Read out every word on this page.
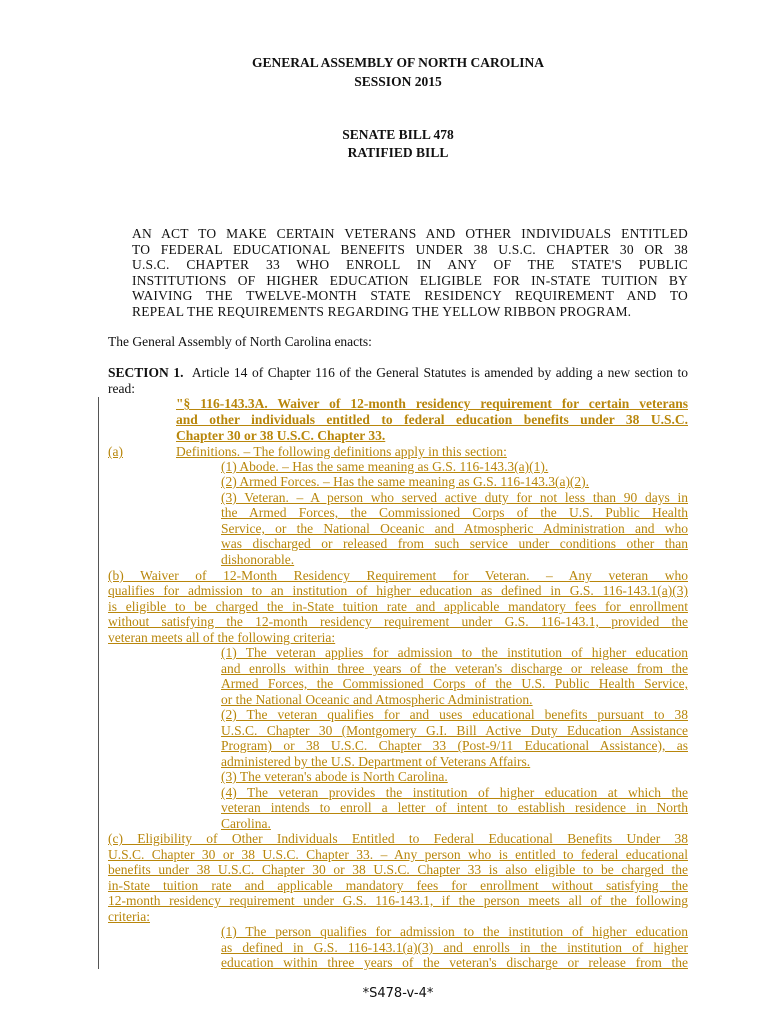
GENERAL ASSEMBLY OF NORTH CAROLINA
SESSION 2015
SENATE BILL 478
RATIFIED BILL
AN ACT TO MAKE CERTAIN VETERANS AND OTHER INDIVIDUALS ENTITLED
TO FEDERAL EDUCATIONAL BENEFITS UNDER 38 U.S.C. CHAPTER 30 OR 38
U.S.C. CHAPTER 33 WHO ENROLL IN ANY OF THE STATE'S PUBLIC
INSTITUTIONS OF HIGHER EDUCATION ELIGIBLE FOR IN-STATE TUITION BY
WAIVING THE TWELVE-MONTH STATE RESIDENCY REQUIREMENT AND TO
REPEAL THE REQUIREMENTS REGARDING THE YELLOW RIBBON PROGRAM.
The General Assembly of North Carolina enacts:
SECTION 1. Article 14 of Chapter 116 of the General Statutes is amended by adding a new section to read:
"§ 116-143.3A. Waiver of 12-month residency requirement for certain veterans
and other individuals entitled to federal education benefits under 38 U.S.C.
Chapter 30 or 38 U.S.C. Chapter 33.
(a)	Definitions. – The following definitions apply in this section:
(1) Abode. – Has the same meaning as G.S. 116-143.3(a)(1).
(2) Armed Forces. – Has the same meaning as G.S. 116-143.3(a)(2).
(3) Veteran. – A person who served active duty for not less than 90 days in
the Armed Forces, the Commissioned Corps of the U.S. Public Health
Service, or the National Oceanic and Atmospheric Administration and who
was discharged or released from such service under conditions other than
dishonorable.
(b) Waiver of 12-Month Residency Requirement for Veteran. – Any veteran who
qualifies for admission to an institution of higher education as defined in G.S. 116-143.1(a)(3)
is eligible to be charged the in-State tuition rate and applicable mandatory fees for enrollment
without satisfying the 12-month residency requirement under G.S. 116-143.1, provided the
veteran meets all of the following criteria:
(1) The veteran applies for admission to the institution of higher education
and enrolls within three years of the veteran's discharge or release from the
Armed Forces, the Commissioned Corps of the U.S. Public Health Service,
or the National Oceanic and Atmospheric Administration.
(2) The veteran qualifies for and uses educational benefits pursuant to 38
U.S.C. Chapter 30 (Montgomery G.I. Bill Active Duty Education Assistance
Program) or 38 U.S.C. Chapter 33 (Post-9/11 Educational Assistance), as
administered by the U.S. Department of Veterans Affairs.
(3) The veteran's abode is North Carolina.
(4) The veteran provides the institution of higher education at which the
veteran intends to enroll a letter of intent to establish residence in North
Carolina.
(c) Eligibility of Other Individuals Entitled to Federal Educational Benefits Under 38
U.S.C. Chapter 30 or 38 U.S.C. Chapter 33. – Any person who is entitled to federal educational
benefits under 38 U.S.C. Chapter 30 or 38 U.S.C. Chapter 33 is also eligible to be charged the
in-State tuition rate and applicable mandatory fees for enrollment without satisfying the
12-month residency requirement under G.S. 116-143.1, if the person meets all of the following
criteria:
(1) The person qualifies for admission to the institution of higher education
as defined in G.S. 116-143.1(a)(3) and enrolls in the institution of higher
education within three years of the veteran's discharge or release from the
*S478-v-4*
